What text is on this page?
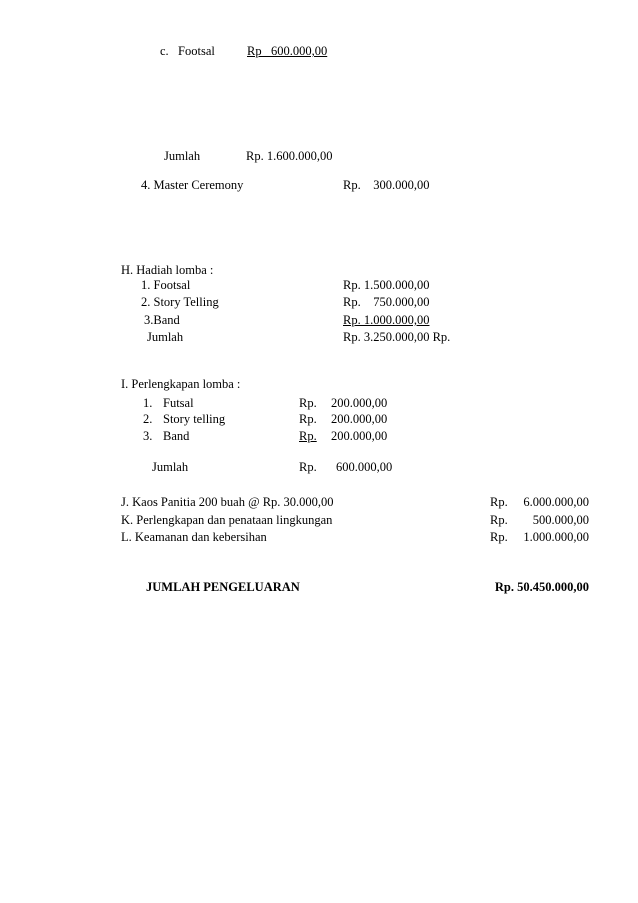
c.   Footsal	Rp   600.000,00
Jumlah	Rp. 1.600.000,00
4. Master Ceremony	Rp.    300.000,00
H. Hadiah lomba :
1. Footsal	Rp. 1.500.000,00
2. Story Telling	Rp.    750.000,00
3.Band	Rp. 1.000.000,00
Jumlah	Rp. 3.250.000,00 Rp.
I. Perlengkapan lomba :
1. Futsal	Rp. 200.000,00
2. Story telling	Rp. 200.000,00
3. Band	Rp.	200.000,00
Jumlah	Rp. 600.000,00
J. Kaos Panitia 200 buah @ Rp. 30.000,00	Rp.	6.000.000,00
K. Perlengkapan dan penataan lingkungan	Rp.	500.000,00
L. Keamanan dan kebersihan	Rp.	1.000.000,00
JUMLAH PENGELUARAN	Rp. 50.450.000,00
